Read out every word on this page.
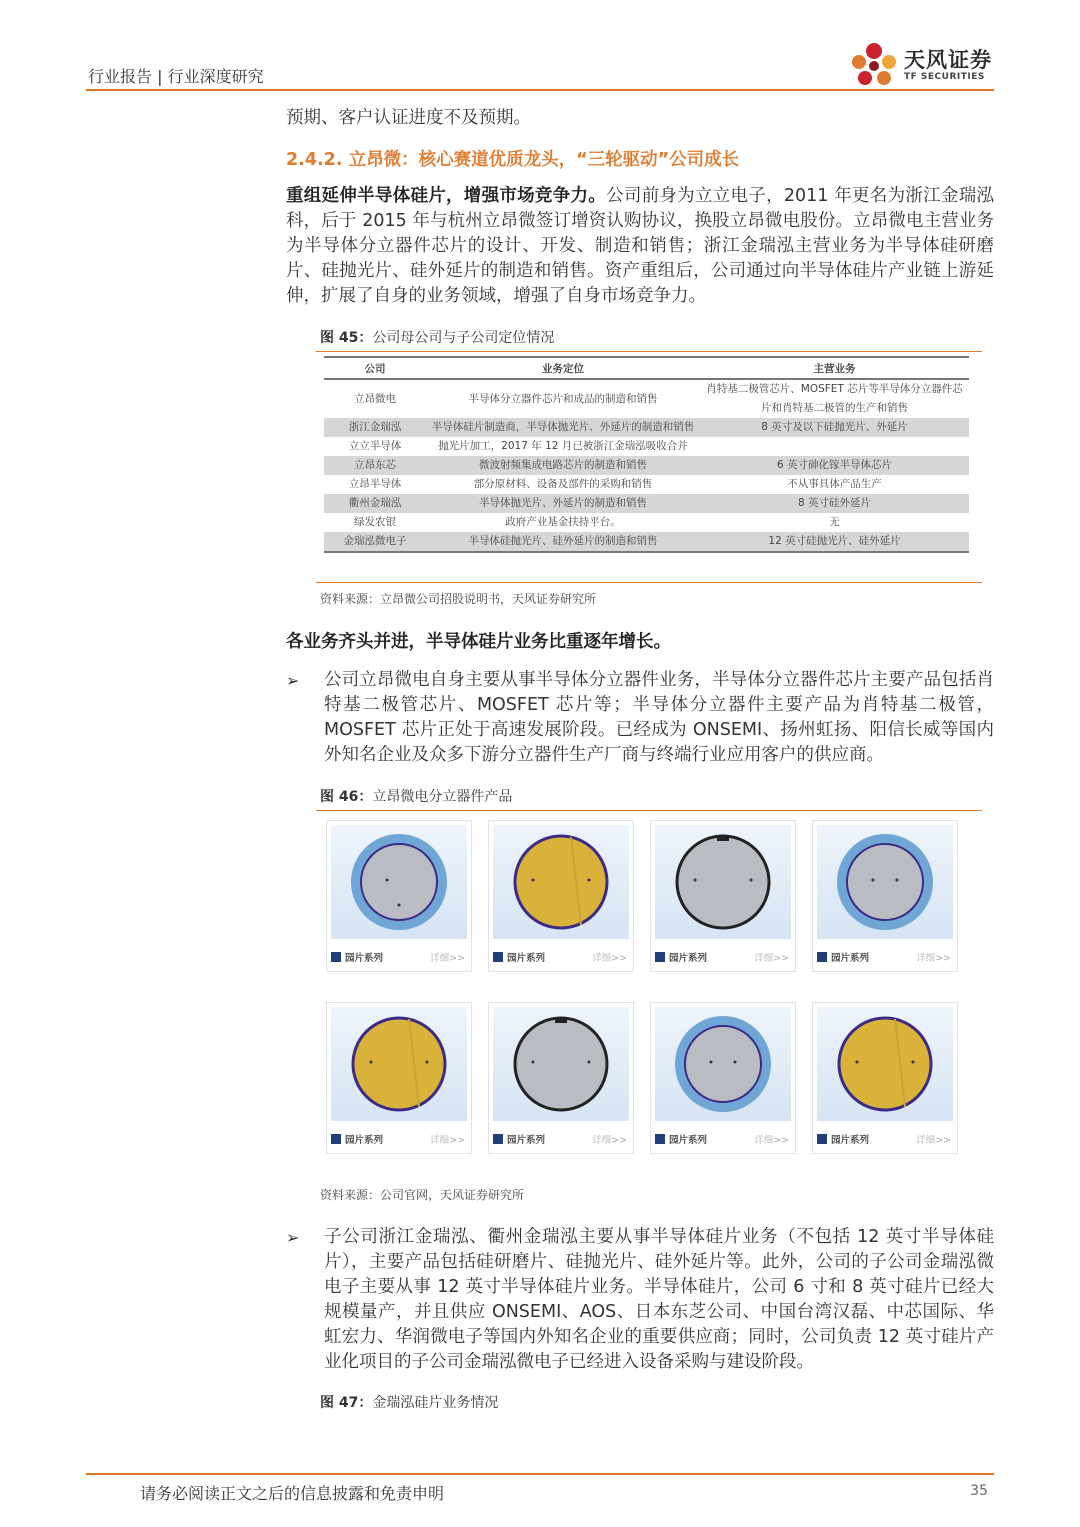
行业报告 | 行业深度研究
天风证券
TF SECURITIES
预期、客户认证进度不及预期。
2.4.2. 立昂微：核心赛道优质龙头，“三轮驱动”公司成长
重组延伸半导体硅片，增强市场竞争力。公司前身为立立电子，2011 年更名为浙江金瑞泓科，后于 2015 年与杭州立昂微签订增资认购协议，换股立昂微电股份。立昂微电主营业务为半导体分立器件芯片的设计、开发、制造和销售；浙江金瑞泓主营业务为半导体硅研磨片、硅抛光片、硅外延片的制造和销售。资产重组后，公司通过向半导体硅片产业链上游延伸，扩展了自身的业务领域，增强了自身市场竞争力。
图 45：公司母公司与子公司定位情况
公司	业务定位	主营业务
立昂微电	半导体分立器件芯片和成品的制造和销售	肖特基二极管芯片、MOSFET 芯片等半导体分立器件芯片和肖特基二极管的生产和销售
浙江金瑞泓	半导体硅片制造商，半导体抛光片、外延片的制造和销售	8 英寸及以下硅抛光片、外延片
立立半导体	抛光片加工，2017 年 12 月已被浙江金瑞泓吸收合并	
立昂东芯	微波射频集成电路芯片的制造和销售	6 英寸砷化镓半导体芯片
立昂半导体	部分原材料、设备及部件的采购和销售	不从事具体产品生产
衢州金瑞泓	半导体抛光片、外延片的制造和销售	8 英寸硅外延片
绿发农银	政府产业基金扶持平台。	无
金瑞泓微电子	半导体硅抛光片、硅外延片的制造和销售	12 英寸硅抛光片、硅外延片
资料来源：立昂微公司招股说明书，天风证券研究所
各业务齐头并进，半导体硅片业务比重逐年增长。
➢ 公司立昂微电自身主要从事半导体分立器件业务，半导体分立器件芯片主要产品包括肖特基二极管芯片、MOSFET 芯片等；半导体分立器件主要产品为肖特基二极管，MOSFET 芯片正处于高速发展阶段。已经成为 ONSEMI、扬州虹扬、阳信长威等国内外知名企业及众多下游分立器件生产厂商与终端行业应用客户的供应商。
图 46：立昂微电分立器件产品
园片系列	详细>>	园片系列	详细>>	园片系列	详细>>	园片系列	详细>>
园片系列	详细>>	园片系列	详细>>	园片系列	详细>>	园片系列	详细>>
资料来源：公司官网，天风证券研究所
➢ 子公司浙江金瑞泓、衢州金瑞泓主要从事半导体硅片业务（不包括 12 英寸半导体硅片），主要产品包括硅研磨片、硅抛光片、硅外延片等。此外，公司的子公司金瑞泓微电子主要从事 12 英寸半导体硅片业务。半导体硅片，公司 6 寸和 8 英寸硅片已经大规模量产，并且供应 ONSEMI、AOS、日本东芝公司、中国台湾汉磊、中芯国际、华虹宏力、华润微电子等国内外知名企业的重要供应商；同时，公司负责 12 英寸硅片产业化项目的子公司金瑞泓微电子已经进入设备采购与建设阶段。
图 47：金瑞泓硅片业务情况
请务必阅读正文之后的信息披露和免责申明	35
